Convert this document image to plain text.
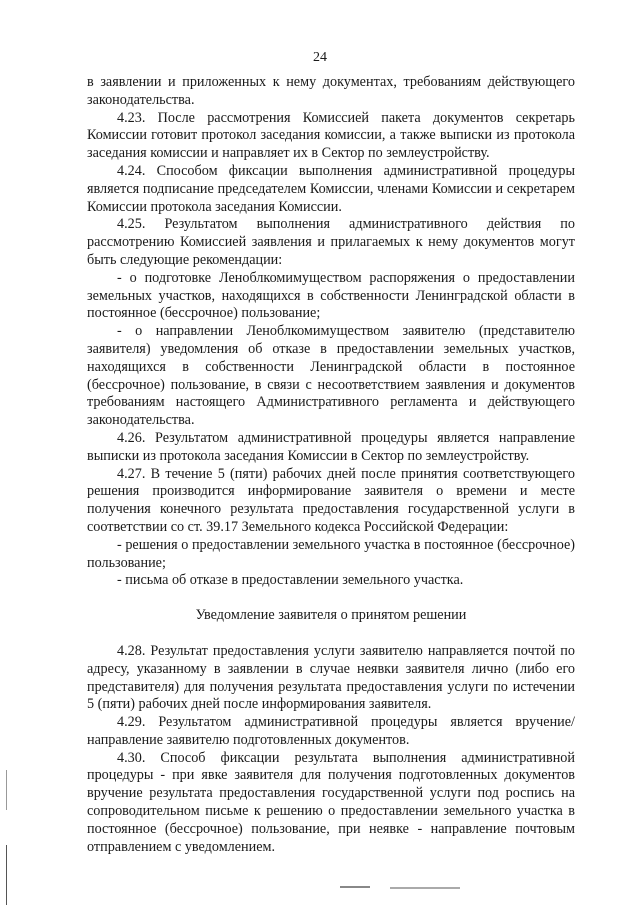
24

в заявлении и приложенных к нему документах, требованиям действующего законодательства.

4.23. После рассмотрения Комиссией пакета документов секретарь Комиссии готовит протокол заседания комиссии, а также выписки из протокола заседания комиссии и направляет их в Сектор по землеустройству.

4.24. Способом фиксации выполнения административной процедуры является подписание председателем Комиссии, членами Комиссии и секретарем Комиссии протокола заседания Комиссии.

4.25. Результатом выполнения административного действия по рассмотрению Комиссией заявления и прилагаемых к нему документов могут быть следующие рекомендации:

- о подготовке Леноблкомимуществом распоряжения о предоставлении земельных участков, находящихся в собственности Ленинградской области в постоянное (бессрочное) пользование;

- о направлении Леноблкомимуществом заявителю (представителю заявителя) уведомления об отказе в предоставлении земельных участков, находящихся в собственности Ленинградской области в постоянное (бессрочное) пользование, в связи с несоответствием заявления и документов требованиям настоящего Административного регламента и действующего законодательства.

4.26. Результатом административной процедуры является направление выписки из протокола заседания Комиссии в Сектор по землеустройству.

4.27. В течение 5 (пяти) рабочих дней после принятия соответствующего решения производится информирование заявителя о времени и месте получения конечного результата предоставления государственной услуги в соответствии со ст. 39.17 Земельного кодекса Российской Федерации:

- решения о предоставлении земельного участка в постоянное (бессрочное) пользование;

- письма об отказе в предоставлении земельного участка.

Уведомление заявителя о принятом решении

4.28. Результат предоставления услуги заявителю направляется почтой по адресу, указанному в заявлении в случае неявки заявителя лично (либо его представителя) для получения результата предоставления услуги по истечении 5 (пяти) рабочих дней после информирования заявителя.

4.29. Результатом административной процедуры является вручение/направление заявителю подготовленных документов.

4.30. Способ фиксации результата выполнения административной процедуры - при явке заявителя для получения подготовленных документов вручение результата предоставления государственной услуги под роспись на сопроводительном письме к решению о предоставлении земельного участка в постоянное (бессрочное) пользование, при неявке - направление почтовым отправлением с уведомлением.
